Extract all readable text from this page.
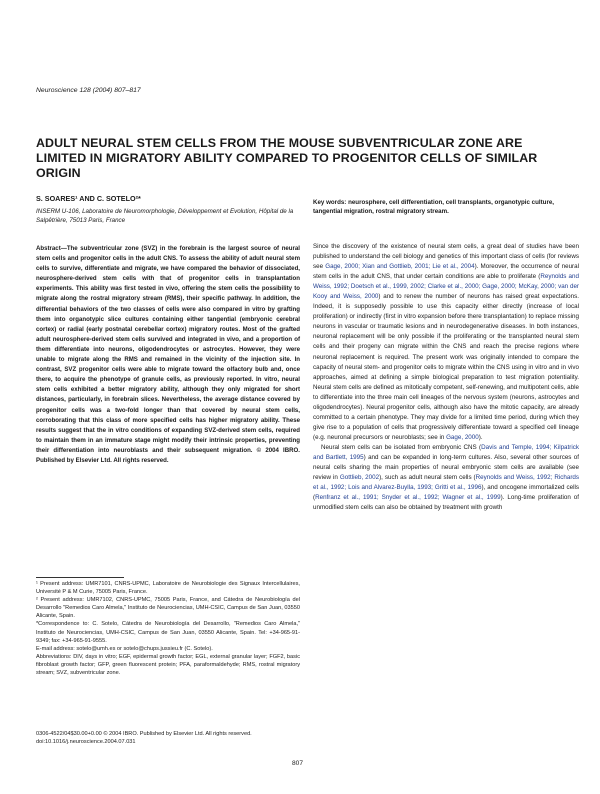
Neuroscience 128 (2004) 807–817
ADULT NEURAL STEM CELLS FROM THE MOUSE SUBVENTRICULAR ZONE ARE LIMITED IN MIGRATORY ABILITY COMPARED TO PROGENITOR CELLS OF SIMILAR ORIGIN
S. SOARES¹ AND C. SOTELO²*
INSERM U-106, Laboratoire de Neuromorphologie, Développement et Evolution, Hôpital de la Salpêtrière, 75013 Paris, France
Key words: neurosphere, cell differentiation, cell transplants, organotypic culture, tangential migration, rostral migratory stream.

Abstract—The subventricular zone (SVZ) in the forebrain is the largest source of neural stem cells and progenitor cells in the adult CNS. To assess the ability of adult neural stem cells to survive, differentiate and migrate, we have compared the behavior of dissociated, neurosphere-derived stem cells with that of progenitor cells in transplantation experiments. This ability was first tested in vivo, offering the stem cells the possibility to migrate along the rostral migratory stream (RMS), their specific pathway. In addition, the differential behaviors of the two classes of cells were also compared in vitro by grafting them into organotypic slice cultures containing either tangential (embryonic cerebral cortex) or radial (early postnatal cerebellar cortex) migratory routes. Most of the grafted adult neurosphere-derived stem cells survived and integrated in vivo, and a proportion of them differentiate into neurons, oligodendrocytes or astrocytes. However, they were unable to migrate along the RMS and remained in the vicinity of the injection site. In contrast, SVZ progenitor cells were able to migrate toward the olfactory bulb and, once there, to acquire the phenotype of granule cells, as previously reported. In vitro, neural stem cells exhibited a better migratory ability, although they only migrated for short distances, particularly, in forebrain slices. Nevertheless, the average distance covered by progenitor cells was a two-fold longer than that covered by neural stem cells, corroborating that this class of more specified cells has higher migratory ability. These results suggest that the in vitro conditions of expanding SVZ-derived stem cells, required to maintain them in an immature stage might modify their intrinsic properties, preventing their differentiation into neuroblasts and their subsequent migration. © 2004 IBRO. Published by Elsevier Ltd. All rights reserved.

Since the discovery of the existence of neural stem cells, a great deal of studies have been published to understand the cell biology and genetics of this important class of cells (for reviews see Gage, 2000; Xian and Gottlieb, 2001; Lie et al., 2004). Moreover, the occurrence of neural stem cells in the adult CNS, that under certain conditions are able to proliferate (Reynolds and Weiss, 1992; Doetsch et al., 1999, 2002; Clarke et al., 2000; Gage, 2000; McKay, 2000; van der Kooy and Weiss, 2000) and to renew the number of neurons has raised great expectations. Indeed, it is supposedly possible to use this capacity either directly (increase of local proliferation) or indirectly (first in vitro expansion before there transplantation) to replace missing neurons in vascular or traumatic lesions and in neurodegenerative diseases. In both instances, neuronal replacement will be only possible if the proliferating or the transplanted neural stem cells and their progeny can migrate within the CNS and reach the precise regions where neuronal replacement is required. The present work was originally intended to compare the capacity of neural stem- and progenitor cells to migrate within the CNS using in vitro and in vivo approaches, aimed at defining a simple biological preparation to test migration potentiality. Neural stem cells are defined as mitotically competent, self-renewing, and multipotent cells, able to differentiate into the three main cell lineages of the nervous system (neurons, astrocytes and oligodendrocytes). Neural progenitor cells, although also have the mitotic capacity, are already committed to a certain phenotype. They may divide for a limited time period, during which they give rise to a population of cells that progressively differentiate toward a specified cell lineage (e.g. neuronal precursors or neuroblasts; see in Gage, 2000).

Neural stem cells can be isolated from embryonic CNS (Davis and Temple, 1994; Kilpatrick and Bartlett, 1995) and can be expanded in long-term cultures. Also, several other sources of neural cells sharing the main properties of neural embryonic stem cells are available (see review in Gottlieb, 2002), such as adult neural stem cells (Reynolds and Weiss, 1992; Richards et al., 1992; Lois and Alvarez-Buylla, 1993; Gritti et al., 1996), and oncogene immortalized cells (Renfranz et al., 1991; Snyder et al., 1992; Wagner et al., 1999). Long-time proliferation of unmodified stem cells can also be obtained by treatment with growth

¹ Present address: UMR7101, CNRS-UPMC, Laboratoire de Neurobiologie des Signaux Intercellulaires, Université P & M Curie, 75005 Paris, France.

² Present address: UMR7102, CNRS-UPMC, 75005 Paris, France, and Cátedra de Neurobiología del Desarrollo "Remedios Caro Almela," Instituto de Neurociencias, UMH-CSIC, Campus de San Juan, 03550 Alicante, Spain.

*Correspondence to: C. Sotelo, Cátedra de Neurobiología del Desarrollo, "Remedios Caro Almela," Instituto de Neurociencias, UMH-CSIC, Campus de San Juan, 03550 Alicante, Spain. Tel: +34-965-91-9349; fax: +34-965-91-9555.

E-mail address: sotelo@umh.es or sotelo@chups.jussieu.fr (C. Sotelo).

Abbreviations: DIV, days in vitro; EGF, epidermal growth factor; EGL, external granular layer; FGF2, basic fibroblast growth factor; GFP, green fluorescent protein; PFA, paraformaldehyde; RMS, rostral migratory stream; SVZ, subventricular zone.

0306-4522/04$30.00+0.00 © 2004 IBRO. Published by Elsevier Ltd. All rights reserved.
doi:10.1016/j.neuroscience.2004.07.031
807
